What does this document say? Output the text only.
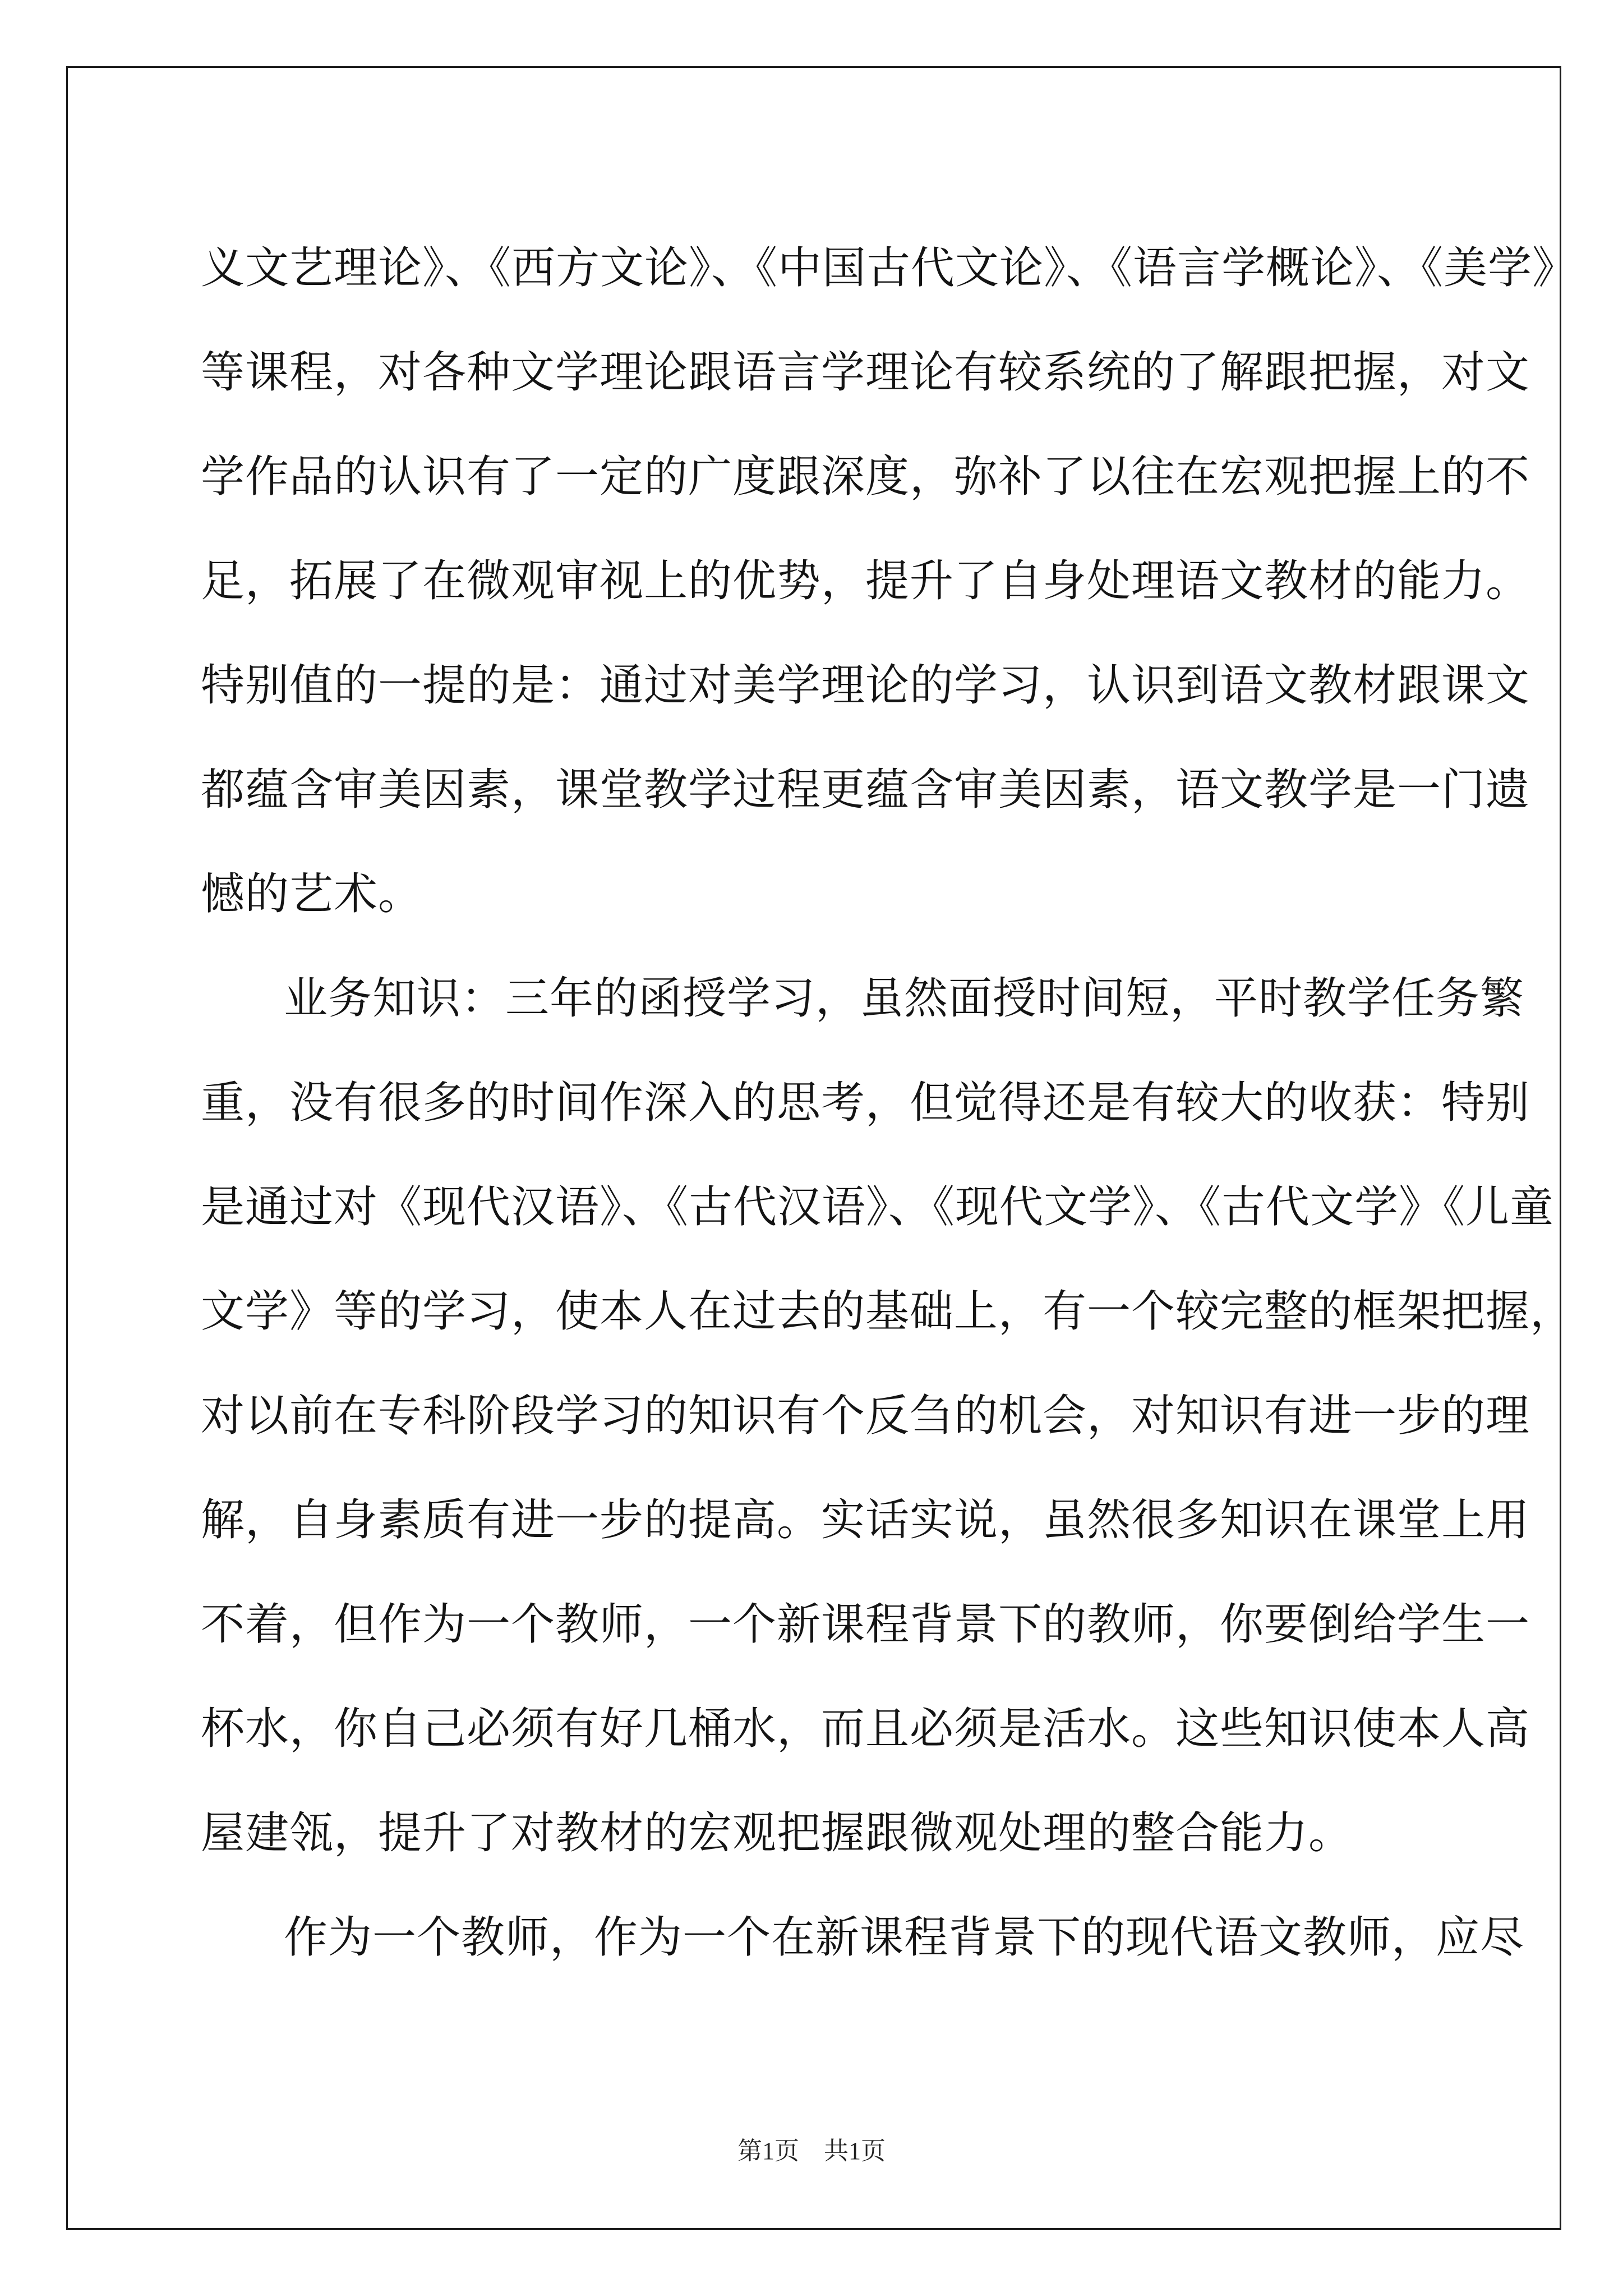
义文艺理论》、《西方文论》、《中国古代文论》、《语言学概论》、《美学》
等课程，对各种文学理论跟语言学理论有较系统的了解跟把握，对文
学作品的认识有了一定的广度跟深度，弥补了以往在宏观把握上的不
足，拓展了在微观审视上的优势，提升了自身处理语文教材的能力。
特别值的一提的是：通过对美学理论的学习，认识到语文教材跟课文
都蕴含审美因素，课堂教学过程更蕴含审美因素，语文教学是一门遗
憾的艺术。
业务知识：三年的函授学习，虽然面授时间短，平时教学任务繁
重，没有很多的时间作深入的思考，但觉得还是有较大的收获：特别
是通过对《现代汉语》、《古代汉语》、《现代文学》、《古代文学》《儿童
文学》等的学习，使本人在过去的基础上，有一个较完整的框架把握，
对以前在专科阶段学习的知识有个反刍的机会，对知识有进一步的理
解，自身素质有进一步的提高。实话实说，虽然很多知识在课堂上用
不着，但作为一个教师，一个新课程背景下的教师，你要倒给学生一
杯水，你自己必须有好几桶水，而且必须是活水。这些知识使本人高
屋建瓴，提升了对教材的宏观把握跟微观处理的整合能力。
作为一个教师，作为一个在新课程背景下的现代语文教师，应尽
第1页　共1页
